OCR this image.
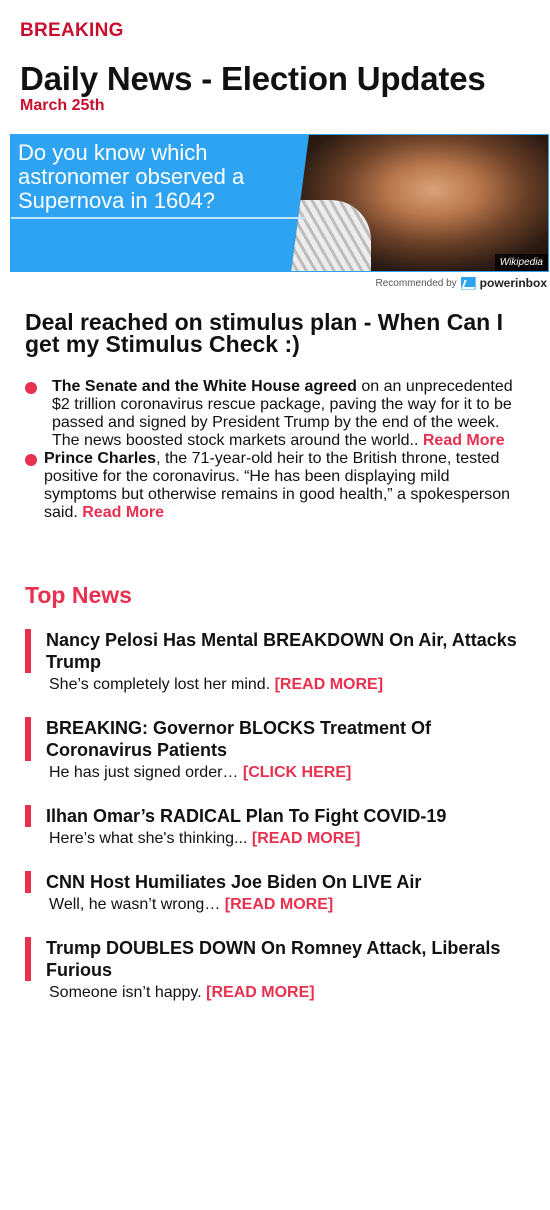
BREAKING
Daily News - Election Updates
March 25th
Do you know which astronomer observed a Supernova in 1604?
Wikipedia
Recommended by powerinbox
Deal reached on stimulus plan - When Can I get my Stimulus Check :)
The Senate and the White House agreed on an unprecedented $2 trillion coronavirus rescue package, paving the way for it to be passed and signed by President Trump by the end of the week. The news boosted stock markets around the world.. Read More
Prince Charles, the 71-year-old heir to the British throne, tested positive for the coronavirus. “He has been displaying mild symptoms but otherwise remains in good health,” a spokesperson said. Read More
Top News
Nancy Pelosi Has Mental BREAKDOWN On Air, Attacks Trump
She’s completely lost her mind. [READ MORE]
BREAKING: Governor BLOCKS Treatment Of Coronavirus Patients
He has just signed order… [CLICK HERE]
Ilhan Omar’s RADICAL Plan To Fight COVID-19
Here’s what she's thinking... [READ MORE]
CNN Host Humiliates Joe Biden On LIVE Air
Well, he wasn’t wrong… [READ MORE]
Trump DOUBLES DOWN On Romney Attack, Liberals Furious
Someone isn’t happy. [READ MORE]
